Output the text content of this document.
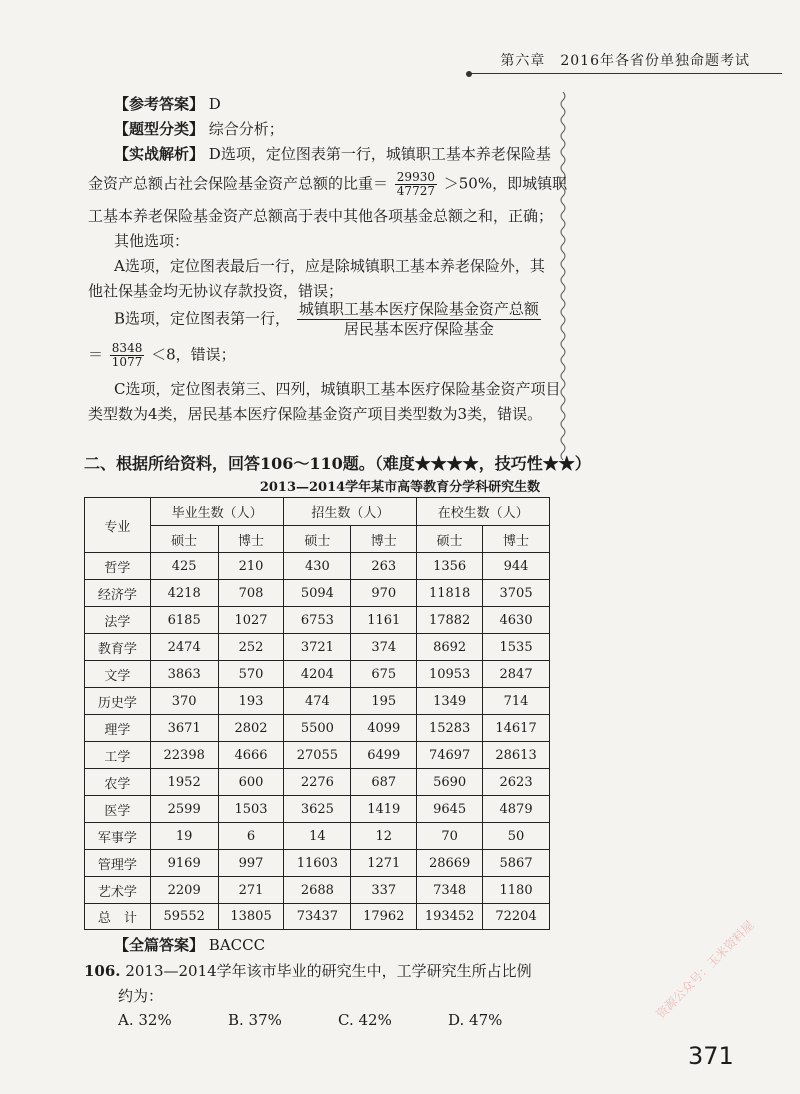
第六章　2016年各省份单独命题考试
【参考答案】 D
【题型分类】 综合分析；
【实战解析】 D选项，定位图表第一行，城镇职工基本养老保险基
金资产总额占社会保险基金资产总额的比重＝ $\frac{29930}{47727} >50\%$，即城镇职
工基本养老保险基金资产总额高于表中其他各项基金总额之和，正确；
其他选项：
A选项，定位图表最后一行，应是除城镇职工基本养老保险外，其
他社保基金均无协议存款投资，错误；
B选项，定位图表第一行， $\frac{\text{城镇职工基本医疗保险基金资产总额}}{\text{居民基本医疗保险基金}}$
＝ $\frac{8348}{1077} <8$，错误；
C选项，定位图表第三、四列，城镇职工基本医疗保险基金资产项目
类型数为4类，居民基本医疗保险基金资产项目类型数为3类，错误。
二、根据所给资料，回答106～110题。（难度★★★★，技巧性★★）
2013—2014学年某市高等教育分学科研究生数
专业	毕业生数（人）		招生数（人）		在校生数（人）	
	硕士	博士	硕士	博士	硕士	博士
哲学	425	210	430	263	1356	944
经济学	4218	708	5094	970	11818	3705
法学	6185	1027	6753	1161	17882	4630
教育学	2474	252	3721	374	8692	1535
文学	3863	570	4204	675	10953	2847
历史学	370	193	474	195	1349	714
理学	3671	2802	5500	4099	15283	14617
工学	22398	4666	27055	6499	74697	28613
农学	1952	600	2276	687	5690	2623
医学	2599	1503	3625	1419	9645	4879
军事学	19	6	14	12	70	50
管理学	9169	997	11603	1271	28669	5867
艺术学	2209	271	2688	337	7348	1180
总　计	59552	13805	73437	17962	193452	72204
【全篇答案】 BACCC
106. 2013—2014学年该市毕业的研究生中，工学研究生所占比例
约为：
A. 32%	B. 37%	C. 42%	D. 47%
371
资源公众号：玉米资料屋
